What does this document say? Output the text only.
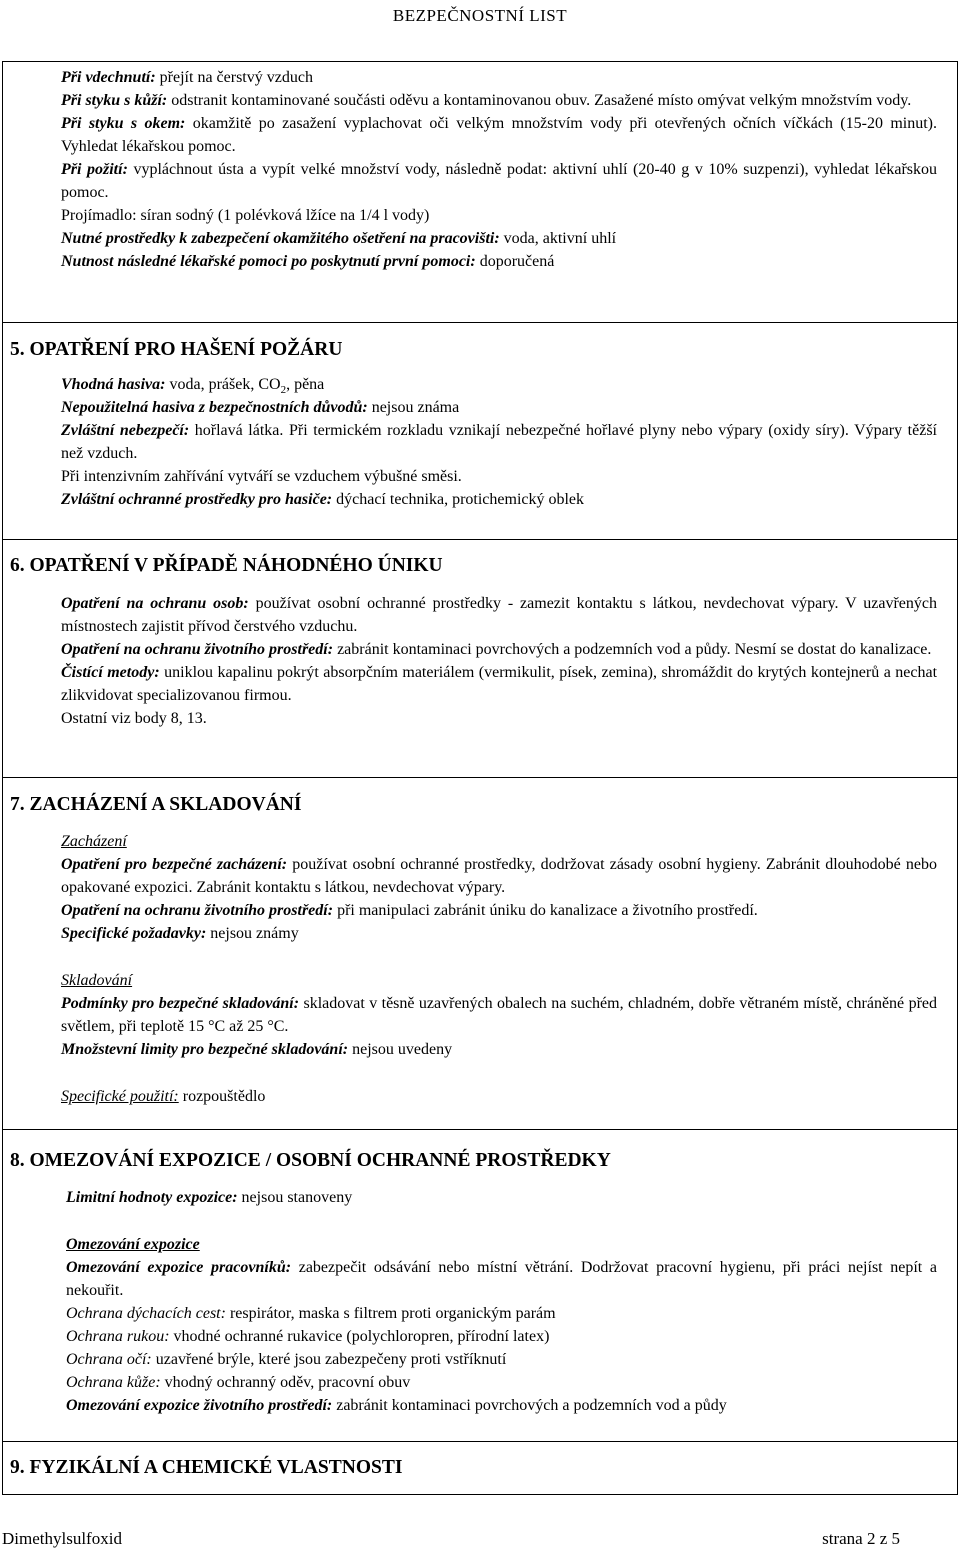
BEZPEČNOSTNÍ LIST

Při vdechnutí: přejít na čerstvý vzduch

Při styku s kůží: odstranit kontaminované součásti oděvu a kontaminovanou obuv. Zasažené místo omývat velkým množstvím vody.

Při styku s okem: okamžitě po zasažení vyplachovat oči velkým množstvím vody při otevřených očních víčkách (15-20 minut). Vyhledat lékařskou pomoc.

Při požití: vypláchnout ústa a vypít velké množství vody, následně podat: aktivní uhlí (20-40 g v 10% suzpenzi), vyhledat lékařskou pomoc.

Projímadlo: síran sodný (1 polévková lžíce na 1/4 l vody)

Nutné prostředky k zabezpečení okamžitého ošetření na pracovišti: voda, aktivní uhlí

Nutnost následné lékařské pomoci po poskytnutí první pomoci: doporučená

5. OPATŘENÍ PRO HAŠENÍ POŽÁRU

Vhodná hasiva: voda, prášek, $CO_2$, pěna

Nepoužitelná hasiva z bezpečnostních důvodů: nejsou známa

Zvláštní nebezpečí: hořlavá látka. Při termickém rozkladu vznikají nebezpečné hořlavé plyny nebo výpary (oxidy síry). Výpary těžší než vzduch.

Při intenzivním zahřívání vytváří se vzduchem výbušné směsi.

Zvláštní ochranné prostředky pro hasiče: dýchací technika, protichemický oblek

6. OPATŘENÍ V PŘÍPADĚ NÁHODNÉHO ÚNIKU

Opatření na ochranu osob: používat osobní ochranné prostředky - zamezit kontaktu s látkou, nevdechovat výpary. V uzavřených místnostech zajistit přívod čerstvého vzduchu.

Opatření na ochranu životního prostředí: zabránit kontaminaci povrchových a podzemních vod a půdy. Nesmí se dostat do kanalizace.

Čistící metody: uniklou kapalinu pokrýt absorpčním materiálem (vermikulit, písek, zemina), shromáždit do krytých kontejnerů a nechat zlikvidovat specializovanou firmou.

Ostatní viz body 8, 13.

7. ZACHÁZENÍ A SKLADOVÁNÍ

Zacházení

Opatření pro bezpečné zacházení: používat osobní ochranné prostředky, dodržovat zásady osobní hygieny. Zabránit dlouhodobé nebo opakované expozici. Zabránit kontaktu s látkou, nevdechovat výpary.

Opatření na ochranu životního prostředí: při manipulaci zabránit úniku do kanalizace a životního prostředí.

Specifické požadavky: nejsou známy

Skladování

Podmínky pro bezpečné skladování: skladovat v těsně uzavřených obalech na suchém, chladném, dobře větraném místě, chráněné před světlem, při teplotě 15 °C až 25 °C.

Množstevní limity pro bezpečné skladování: nejsou uvedeny

Specifické použití: rozpouštědlo

8. OMEZOVÁNÍ EXPOZICE / OSOBNÍ OCHRANNÉ PROSTŘEDKY

Limitní hodnoty expozice: nejsou stanoveny

Omezování expozice

Omezování expozice pracovníků: zabezpečit odsávání nebo místní větrání. Dodržovat pracovní hygienu, při práci nejíst nepít a nekouřit.

Ochrana dýchacích cest: respirátor, maska s filtrem proti organickým parám

Ochrana rukou: vhodné ochranné rukavice (polychloropren, přírodní latex)

Ochrana očí: uzavřené brýle, které jsou zabezpečeny proti vstříknutí

Ochrana kůže: vhodný ochranný oděv, pracovní obuv

Omezování expozice životního prostředí: zabránit kontaminaci povrchových a podzemních vod a půdy

9. FYZIKÁLNÍ A CHEMICKÉ VLASTNOSTI
Dimethylsulfoxid	strana 2 z 5
